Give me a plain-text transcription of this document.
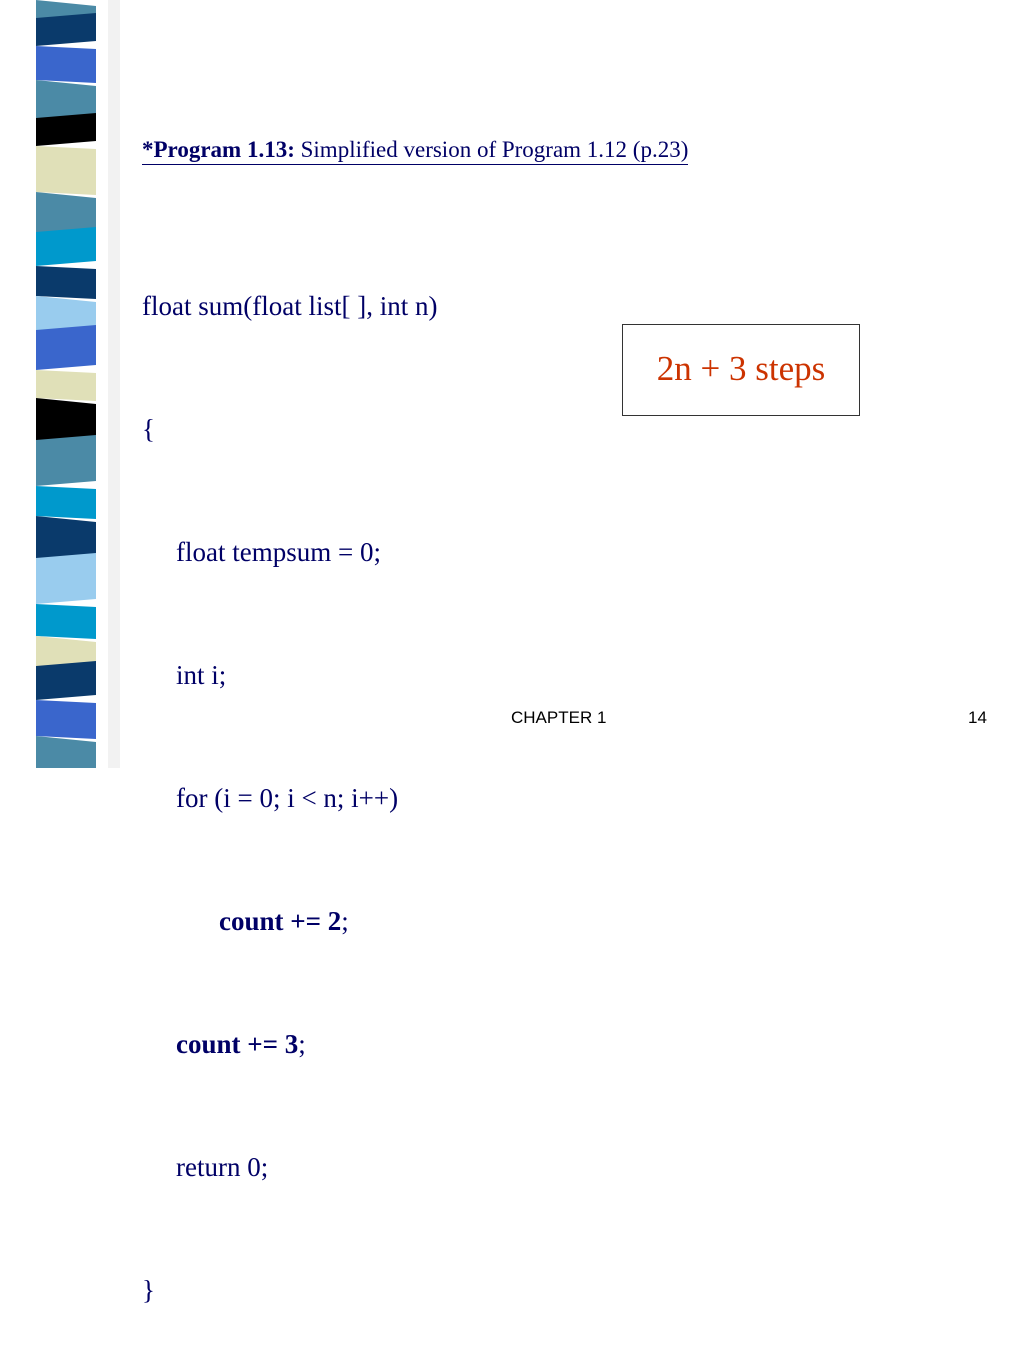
*Program 1.13: Simplified version of Program 1.12 (p.23)

float sum(float list[ ], int n)

{

float tempsum = 0;

int i;

for (i = 0; i < n; i++)

count += 2;

count += 3;

return 0;

}

2n + 3 steps
CHAPTER 1	14
